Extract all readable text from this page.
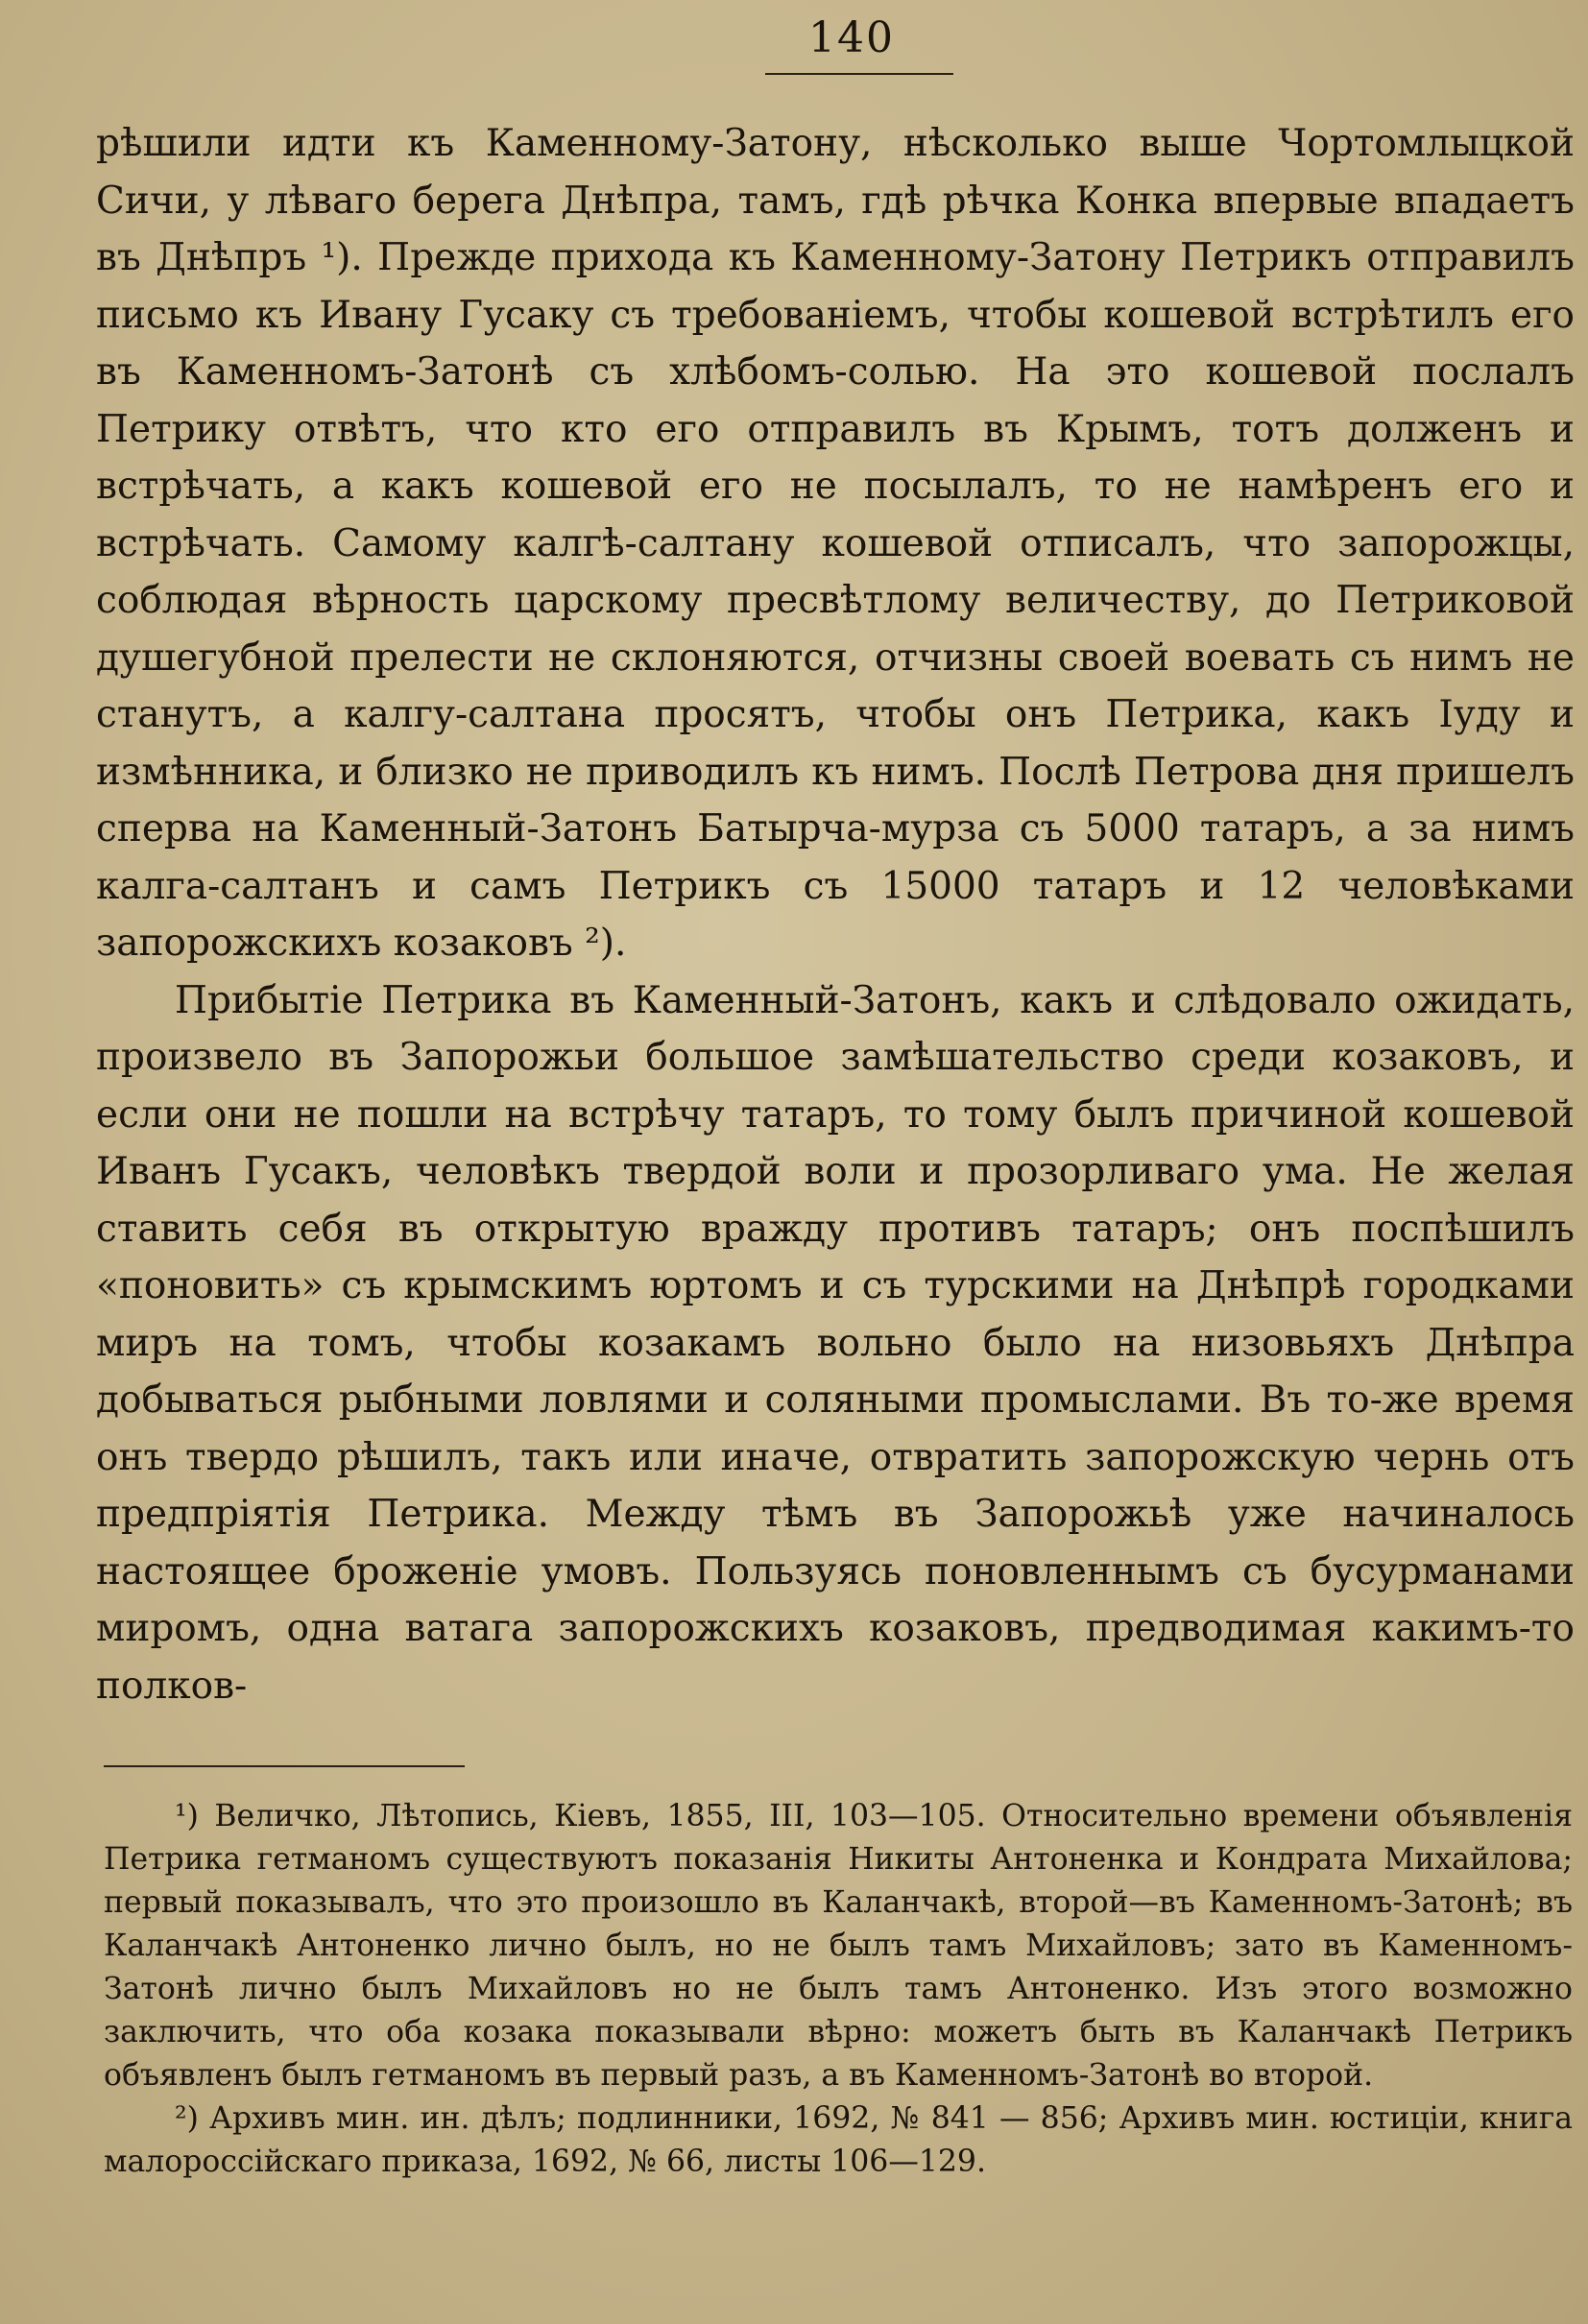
140

рѣшили идти къ Каменному-Затону, нѣсколько выше Чортомлыцкой Сичи, у лѣваго берега Днѣпра, тамъ, гдѣ рѣчка Конка впервые впадаетъ въ Днѣпръ ¹). Прежде прихода къ Каменному-Затону Петрикъ отправилъ письмо къ Ивану Гусаку съ требованіемъ, чтобы кошевой встрѣтилъ его въ Каменномъ-Затонѣ съ хлѣбомъ-солью. На это кошевой послалъ Петрику отвѣтъ, что кто его отправилъ въ Крымъ, тотъ долженъ и встрѣчать, а какъ кошевой его не посылалъ, то не намѣренъ его и встрѣчать. Самому калгѣ-салтану кошевой отписалъ, что запорожцы, соблюдая вѣрность царскому пресвѣтлому величеству, до Петриковой душегубной прелести не склоняются, отчизны своей воевать съ нимъ не станутъ, а калгу-салтана просятъ, чтобы онъ Петрика, какъ Іуду и измѣнника, и близко не приводилъ къ нимъ. Послѣ Петрова дня пришелъ сперва на Каменный-Затонъ Батырча-мурза съ 5000 татаръ, а за нимъ калга-салтанъ и самъ Петрикъ съ 15000 татаръ и 12 человѣками запорожскихъ козаковъ ²).

Прибытіе Петрика въ Каменный-Затонъ, какъ и слѣдовало ожидать, произвело въ Запорожьи большое замѣшательство среди козаковъ, и если они не пошли на встрѣчу татаръ, то тому былъ причиной кошевой Иванъ Гусакъ, человѣкъ твердой воли и прозорливаго ума. Не желая ставить себя въ открытую вражду противъ татаръ; онъ поспѣшилъ «поновить» съ крымскимъ юртомъ и съ турскими на Днѣпрѣ городками миръ на томъ, чтобы козакамъ вольно было на низовьяхъ Днѣпра добываться рыбными ловлями и соляными промыслами. Въ то-же время онъ твердо рѣшилъ, такъ или иначе, отвратить запорожскую чернь отъ предпріятія Петрика. Между тѣмъ въ Запорожьѣ уже начиналось настоящее броженіе умовъ. Пользуясь поновленнымъ съ бусурманами миромъ, одна ватага запорожскихъ козаковъ, предводимая какимъ-то полков-

¹) Величко, Лѣтопись, Кіевъ, 1855, III, 103—105. Относительно времени объявленія Петрика гетманомъ существуютъ показанія Никиты Антоненка и Кондрата Михайлова; первый показывалъ, что это произошло въ Каланчакѣ, второй—въ Каменномъ-Затонѣ; въ Каланчакѣ Антоненко лично былъ, но не былъ тамъ Михайловъ; зато въ Каменномъ-Затонѣ лично былъ Михайловъ но не былъ тамъ Антоненко. Изъ этого возможно заключить, что оба козака показывали вѣрно: можетъ быть въ Каланчакѣ Петрикъ объявленъ былъ гетманомъ въ первый разъ, а въ Каменномъ-Затонѣ во второй.

²) Архивъ мин. ин. дѣлъ; подлинники, 1692, № 841 — 856; Архивъ мин. юстиціи, книга малороссійскаго приказа, 1692, № 66, листы 106—129.
